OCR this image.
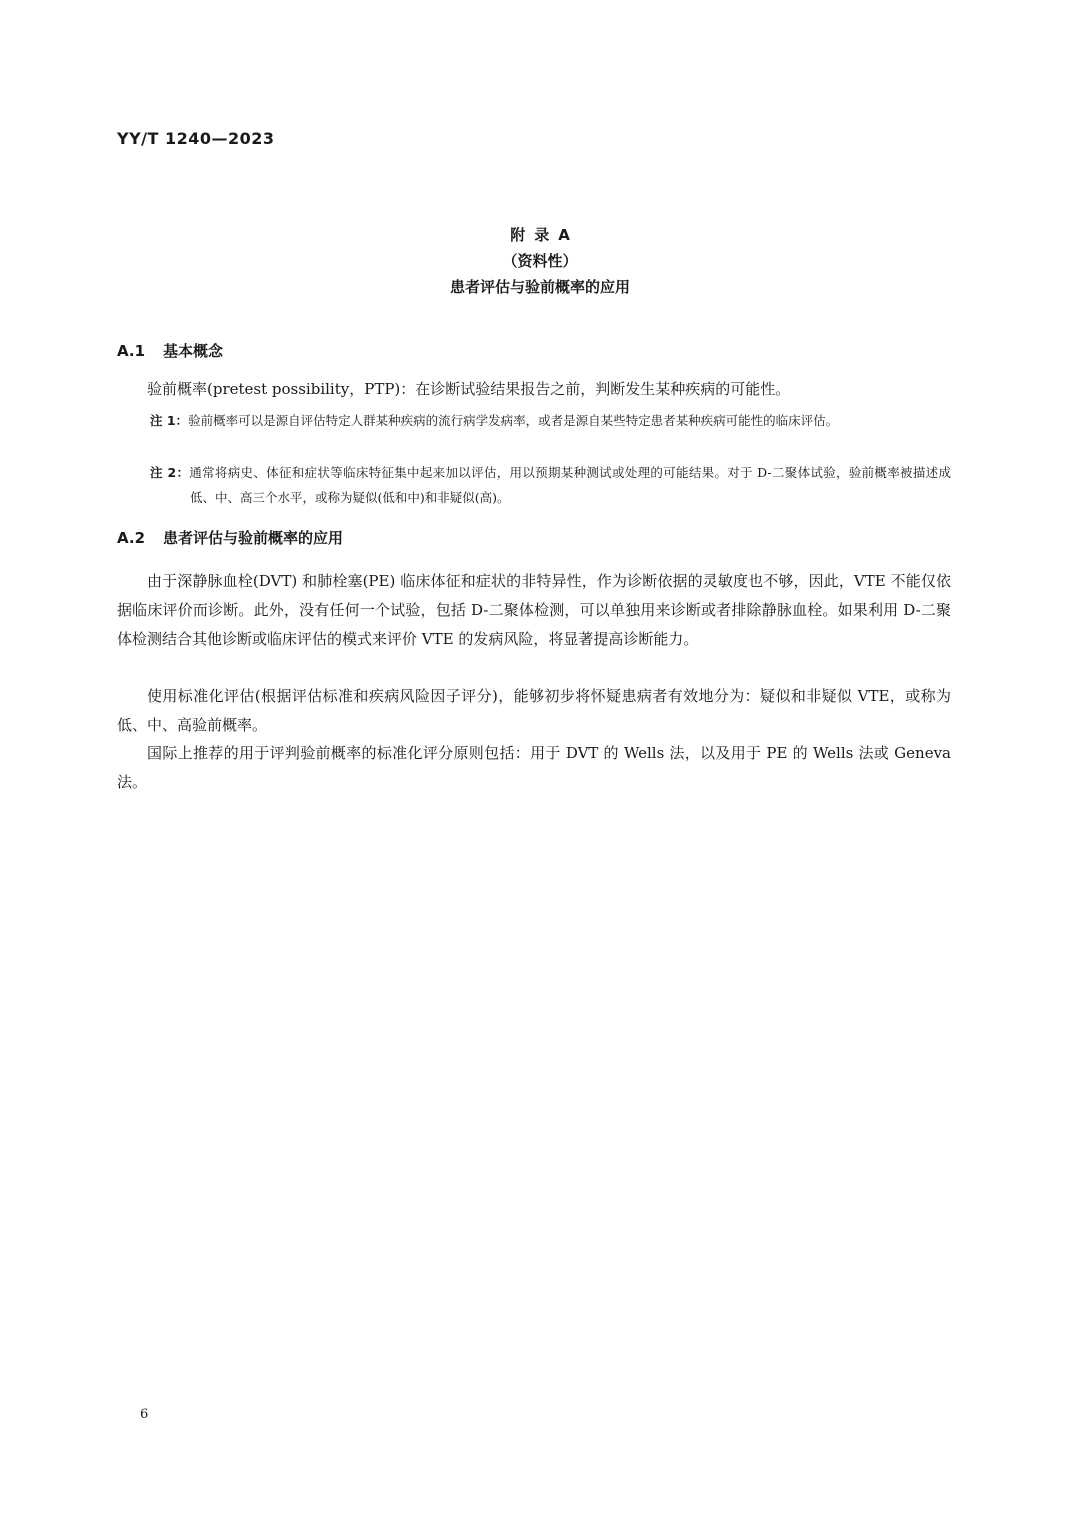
YY/T 1240—2023
附录A
（资料性）
患者评估与验前概率的应用
A.1 基本概念

验前概率(pretest possibility，PTP)：在诊断试验结果报告之前，判断发生某种疾病的可能性。

注 1：验前概率可以是源自评估特定人群某种疾病的流行病学发病率，或者是源自某些特定患者某种疾病可能性的临床评估。

注 2：通常将病史、体征和症状等临床特征集中起来加以评估，用以预期某种测试或处理的可能结果。对于 D-二聚体试验，验前概率被描述成低、中、高三个水平，或称为疑似(低和中)和非疑似(高)。

A.2 患者评估与验前概率的应用

由于深静脉血栓(DVT) 和肺栓塞(PE) 临床体征和症状的非特异性，作为诊断依据的灵敏度也不够，因此，VTE 不能仅依据临床评价而诊断。此外，没有任何一个试验，包括 D-二聚体检测，可以单独用来诊断或者排除静脉血栓。如果利用 D-二聚体检测结合其他诊断或临床评估的模式来评价 VTE 的发病风险，将显著提高诊断能力。

使用标准化评估(根据评估标准和疾病风险因子评分)，能够初步将怀疑患病者有效地分为：疑似和非疑似 VTE，或称为低、中、高验前概率。

国际上推荐的用于评判验前概率的标准化评分原则包括：用于 DVT 的 Wells 法，以及用于 PE 的 Wells 法或 Geneva 法。

6
